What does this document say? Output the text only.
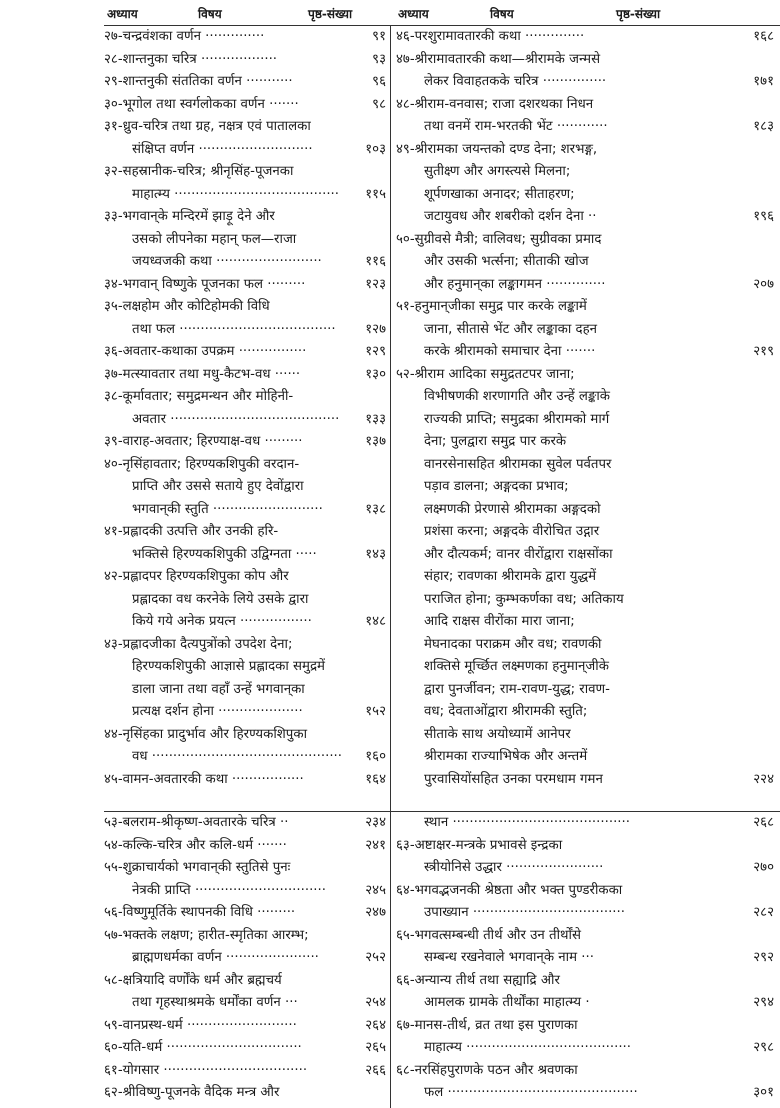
अध्याय	विषय	पृष्ठ-संख्या	अध्याय	विषय	पृष्ठ-संख्या
२७-चन्द्रवंशका वर्णन ··············	९१
२८-शान्तनुका चरित्र ··················	९३
२९-शान्तनुकी संततिका वर्णन ···········	९६
३०-भूगोल तथा स्वर्गलोकका वर्णन ·······	९८
३१-ध्रुव-चरित्र तथा ग्रह, नक्षत्र एवं पातालका
संक्षिप्त वर्णन ···························	१०३
३२-सहस्रानीक-चरित्र; श्रीनृसिंह-पूजनका
माहात्म्य ·······································	११५
३३-भगवान्‌के मन्दिरमें झाड़ू देने और
उसको लीपनेका महान् फल—राजा
जयध्वजकी कथा ·························	११६
३४-भगवान् विष्णुके पूजनका फल ·········	१२३
३५-लक्षहोम और कोटिहोमकी विधि
तथा फल ·····································	१२७
३६-अवतार-कथाका उपक्रम ················	१२९
३७-मत्स्यावतार तथा मधु-कैटभ-वध ······	१३०
३८-कूर्मावतार; समुद्रमन्थन और मोहिनी-
अवतार ········································	१३३
३९-वाराह-अवतार; हिरण्याक्ष-वध ·········	१३७
४०-नृसिंहावतार; हिरण्यकशिपुकी वरदान-
प्राप्ति और उससे सताये हुए देवोंद्वारा
भगवान्‌की स्तुति ··························	१३८
४१-प्रह्लादकी उत्पत्ति और उनकी हरि-
भक्तिसे हिरण्यकशिपुकी उद्विग्नता ·····	१४३
४२-प्रह्लादपर हिरण्यकशिपुका कोप और
प्रह्लादका वध करनेके लिये उसके द्वारा
किये गये अनेक प्रयत्न ·················	१४८
४३-प्रह्लादजीका दैत्यपुत्रोंको उपदेश देना;
हिरण्यकशिपुकी आज्ञासे प्रह्लादका समुद्रमें
डाला जाना तथा वहाँ उन्हें भगवान्‌का
प्रत्यक्ष दर्शन होना ····················	१५२
४४-नृसिंहका प्रादुर्भाव और हिरण्यकशिपुका
वध ·············································	१६०
४५-वामन-अवतारकी कथा ·················	१६४
४६-परशुरामावतारकी कथा ··············	१६८
४७-श्रीरामावतारकी कथा—श्रीरामके जन्मसे
लेकर विवाहतकके चरित्र ···············	१७१
४८-श्रीराम-वनवास; राजा दशरथका निधन
तथा वनमें राम-भरतकी भेंट ············	१८३
४९-श्रीरामका जयन्तको दण्ड देना; शरभङ्ग,
सुतीक्ष्ण और अगस्त्यसे मिलना;
शूर्पणखाका अनादर; सीताहरण;
जटायुवध और शबरीको दर्शन देना ··	१९६
५०-सुग्रीवसे मैत्री; वालिवध; सुग्रीवका प्रमाद
और उसकी भर्त्सना; सीताकी खोज
और हनुमान्‌का लङ्कागमन ··············	२०७
५१-हनुमान्‌जीका समुद्र पार करके लङ्कामें
जाना, सीतासे भेंट और लङ्काका दहन
करके श्रीरामको समाचार देना ·······	२१९
५२-श्रीराम आदिका समुद्रतटपर जाना;
विभीषणकी शरणागति और उन्हें लङ्काके
राज्यकी प्राप्ति; समुद्रका श्रीरामको मार्ग
देना; पुलद्वारा समुद्र पार करके
वानरसेनासहित श्रीरामका सुवेल पर्वतपर
पड़ाव डालना; अङ्गदका प्रभाव;
लक्ष्मणकी प्रेरणासे श्रीरामका अङ्गदको
प्रशंसा करना; अङ्गदके वीरोचित उद्गार
और दौत्यकर्म; वानर वीरोंद्वारा राक्षसोंका
संहार; रावणका श्रीरामके द्वारा युद्धमें
पराजित होना; कुम्भकर्णका वध; अतिकाय
आदि राक्षस वीरोंका मारा जाना;
मेघनादका पराक्रम और वध; रावणकी
शक्तिसे मूर्च्छित लक्ष्मणका हनुमान्‌जीके
द्वारा पुनर्जीवन; राम-रावण-युद्ध; रावण-
वध; देवताओंद्वारा श्रीरामकी स्तुति;
सीताके साथ अयोध्यामें आनेपर
श्रीरामका राज्याभिषेक और अन्तमें
पुरवासियोंसहित उनका परमधाम गमन	२२४
५३-बलराम-श्रीकृष्ण-अवतारके चरित्र ··	२३४
५४-कल्कि-चरित्र और कलि-धर्म ·······	२४१
५५-शुक्राचार्यको भगवान्‌की स्तुतिसे पुनः
नेत्रकी प्राप्ति ·······························	२४५
५६-विष्णुमूर्तिके स्थापनकी विधि ·········	२४७
५७-भक्तके लक्षण; हारीत-स्मृतिका आरम्भ;
ब्राह्मणधर्मका वर्णन ······················	२५२
५८-क्षत्रियादि वर्णोंके धर्म और ब्रह्मचर्य
तथा गृहस्थाश्रमके धर्मोंका वर्णन ···	२५४
५९-वानप्रस्थ-धर्म ··························	२६४
६०-यति-धर्म ································	२६५
६१-योगसार ··································	२६६
६२-श्रीविष्णु-पूजनके वैदिक मन्त्र और
स्थान ··········································	२६८
६३-अष्टाक्षर-मन्त्रके प्रभावसे इन्द्रका
स्त्रीयोनिसे उद्धार ·······················	२७०
६४-भगवद्भजनकी श्रेष्ठता और भक्त पुण्डरीकका
उपाख्यान ····································	२८२
६५-भगवत्सम्बन्धी तीर्थ और उन तीर्थोंसे
सम्बन्ध रखनेवाले भगवान्‌के नाम ···	२९२
६६-अन्यान्य तीर्थ तथा सह्याद्रि और
आमलक ग्रामके तीर्थोंका माहात्म्य ·	२९४
६७-मानस-तीर्थ, व्रत तथा इस पुराणका
माहात्म्य ·······································	२९८
६८-नरसिंहपुराणके पठन और श्रवणका
फल ·············································	३०१
